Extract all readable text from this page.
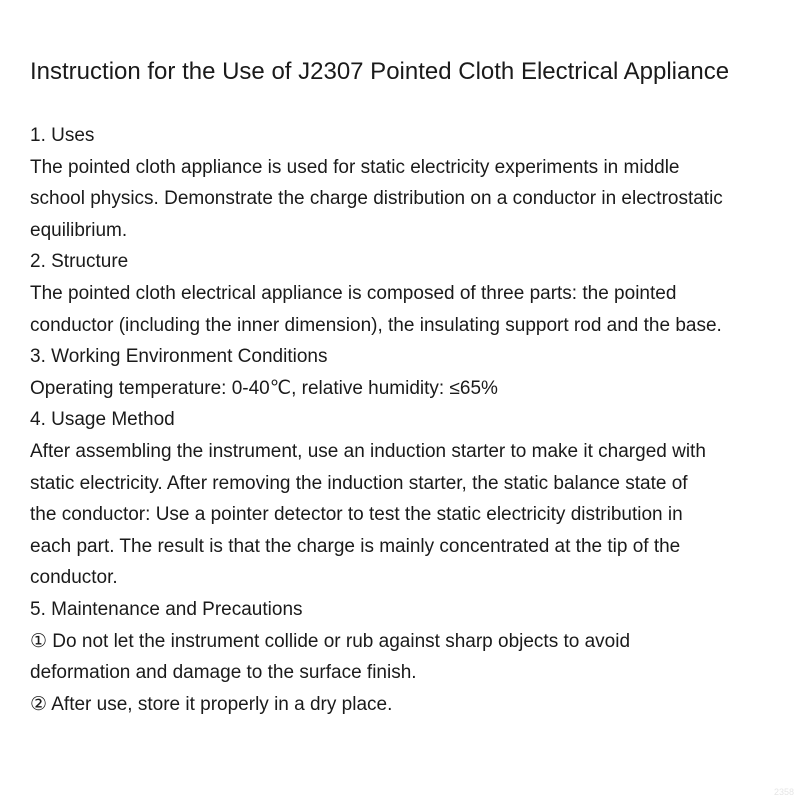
Instruction for the Use of J2307 Pointed Cloth Electrical Appliance
1. Uses
The pointed cloth appliance is used for static electricity experiments in middle
school physics. Demonstrate the charge distribution on a conductor in electrostatic
equilibrium.
2. Structure
The pointed cloth electrical appliance is composed of three parts: the pointed
conductor (including the inner dimension), the insulating support rod and the base.
3. Working Environment Conditions
Operating temperature: 0-40℃, relative humidity: ≤65%
4. Usage Method
After assembling the instrument, use an induction starter to make it charged with
static electricity. After removing the induction starter, the static balance state of
the conductor: Use a pointer detector to test the static electricity distribution in
each part. The result is that the charge is mainly concentrated at the tip of the
conductor.
5. Maintenance and Precautions
① Do not let the instrument collide or rub against sharp objects to avoid
deformation and damage to the surface finish.
② After use, store it properly in a dry place.
2358
